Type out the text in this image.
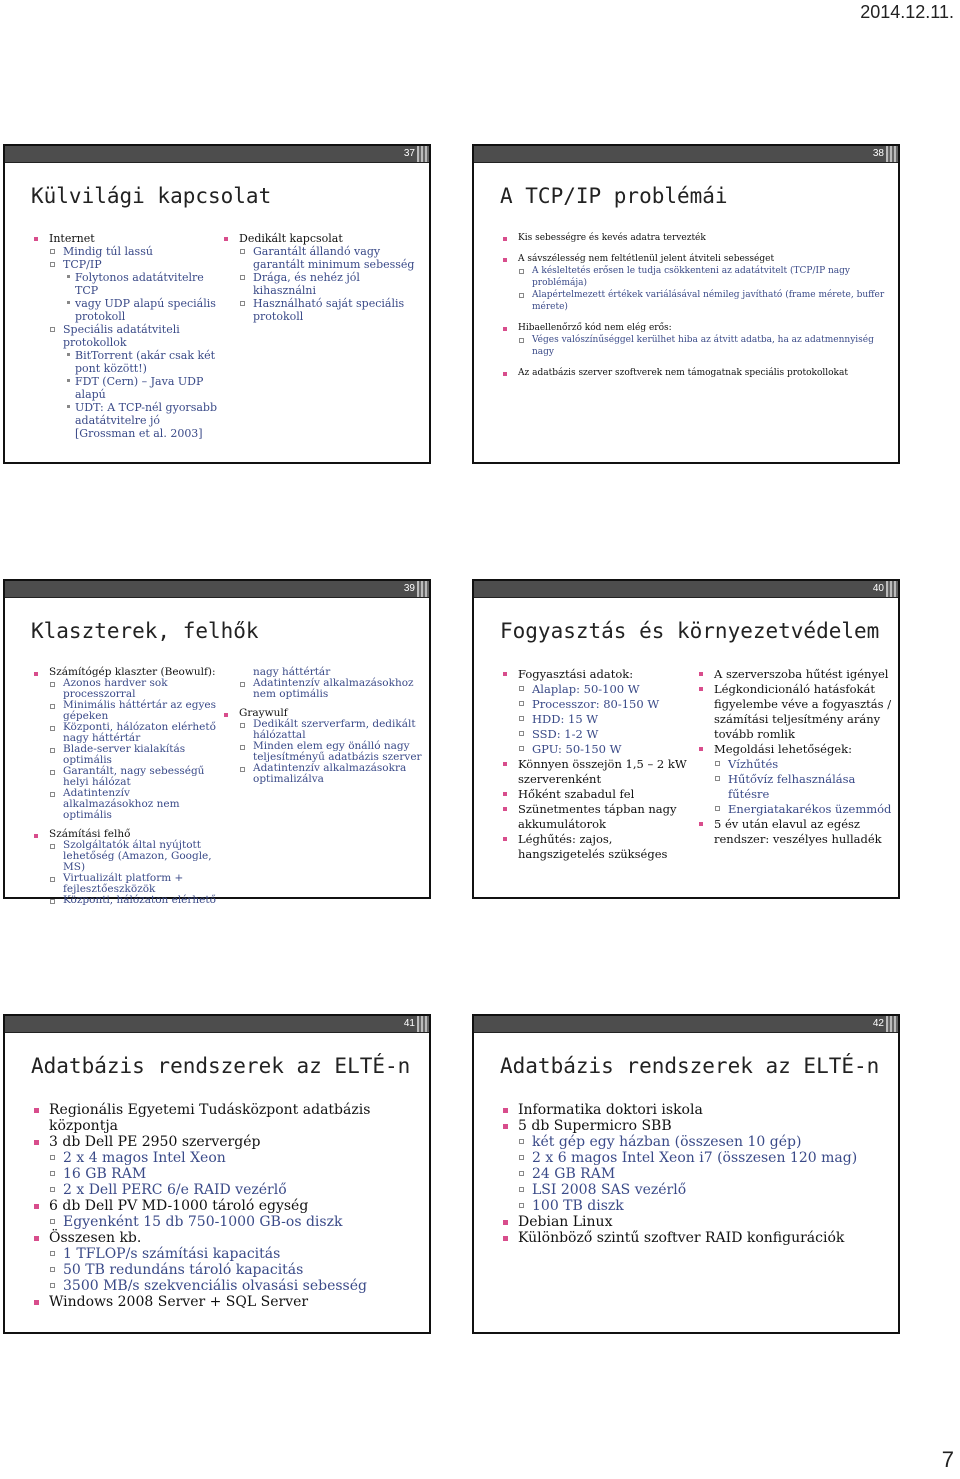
2014.12.11.
37
Külvilági kapcsolat
Internet
Mindig túl lassú
TCP/IP
Folytonos adatátvitelre TCP
vagy UDP alapú speciális protokoll
Speciális adatátviteli protokollok
BitTorrent (akár csak két pont között!)
FDT (Cern) – Java UDP alapú
UDT: A TCP-nél gyorsabb adatátvitelre jó [Grossman et al. 2003]
Dedikált kapcsolat
Garantált állandó vagy garantált minimum sebesség
Drága, és nehéz jól kihasználni
Használható saját speciális protokoll
38
A TCP/IP problémái
Kis sebességre és kevés adatra tervezték
A sávszélesség nem feltétlenül jelent átviteli sebességet
A késleltetés erősen le tudja csökkenteni az adatátvitelt (TCP/IP nagy problémája)
Alapértelmezett értékek variálásával némileg javítható (frame mérete, buffer mérete)
Hibaellenőrző kód nem elég erős:
Véges valószínűséggel kerülhet hiba az átvitt adatba, ha az adatmennyiség nagy
Az adatbázis szerver szoftverek nem támogatnak speciális protokollokat
39
Klaszterek, felhők
Számítógép klaszter (Beowulf):
Azonos hardver sok processzorral
Minimális háttértár az egyes gépeken
Központi, hálózaton elérhető nagy háttértár
Blade-server kialakítás optimális
Garantált, nagy sebességű helyi hálózat
Adatintenzív alkalmazásokhoz nem optimális
Számítási felhő
Szolgáltatók által nyújtott lehetőség (Amazon, Google, MS)
Virtualizált platform + fejlesztőeszközök
Központi, hálózaton elérhető
nagy háttértár
Adatintenzív alkalmazásokhoz nem optimális
Graywulf
Dedikált szerverfarm, dedikált hálózattal
Minden elem egy önálló nagy teljesítményű adatbázis szerver
Adatintenzív alkalmazásokra optimalizálva
40
Fogyasztás és környezetvédelem
Fogyasztási adatok:
Alaplap: 50-100 W
Processzor: 80-150 W
HDD: 15 W
SSD: 1-2 W
GPU: 50-150 W
Könnyen összejön 1,5 – 2 kW szerverenként
Hőként szabadul fel
Szünetmentes tápban nagy akkumulátorok
Léghűtés: zajos, hangszigetelés szükséges
A szerverszoba hűtést igényel
Légkondicionáló hatásfokát figyelembe véve a fogyasztás / számítási teljesítmény arány tovább romlik
Megoldási lehetőségek:
Vízhűtés
Hűtővíz felhasználása fűtésre
Energiatakarékos üzemmód
5 év után elavul az egész rendszer: veszélyes hulladék
41
Adatbázis rendszerek az ELTÉ-n
Regionális Egyetemi Tudásközpont adatbázis központja
3 db Dell PE 2950 szervergép
2 x 4 magos Intel Xeon
16 GB RAM
2 x Dell PERC 6/e RAID vezérlő
6 db Dell PV MD-1000 tároló egység
Egyenként 15 db 750-1000 GB-os diszk
Összesen kb.
1 TFLOP/s számítási kapacitás
50 TB redundáns tároló kapacitás
3500 MB/s szekvenciális olvasási sebesség
Windows 2008 Server + SQL Server
42
Adatbázis rendszerek az ELTÉ-n
Informatika doktori iskola
5 db Supermicro SBB
két gép egy házban (összesen 10 gép)
2 x 6 magos Intel Xeon i7 (összesen 120 mag)
24 GB RAM
LSI 2008 SAS vezérlő
100 TB diszk
Debian Linux
Különböző szintű szoftver RAID konfigurációk
7
